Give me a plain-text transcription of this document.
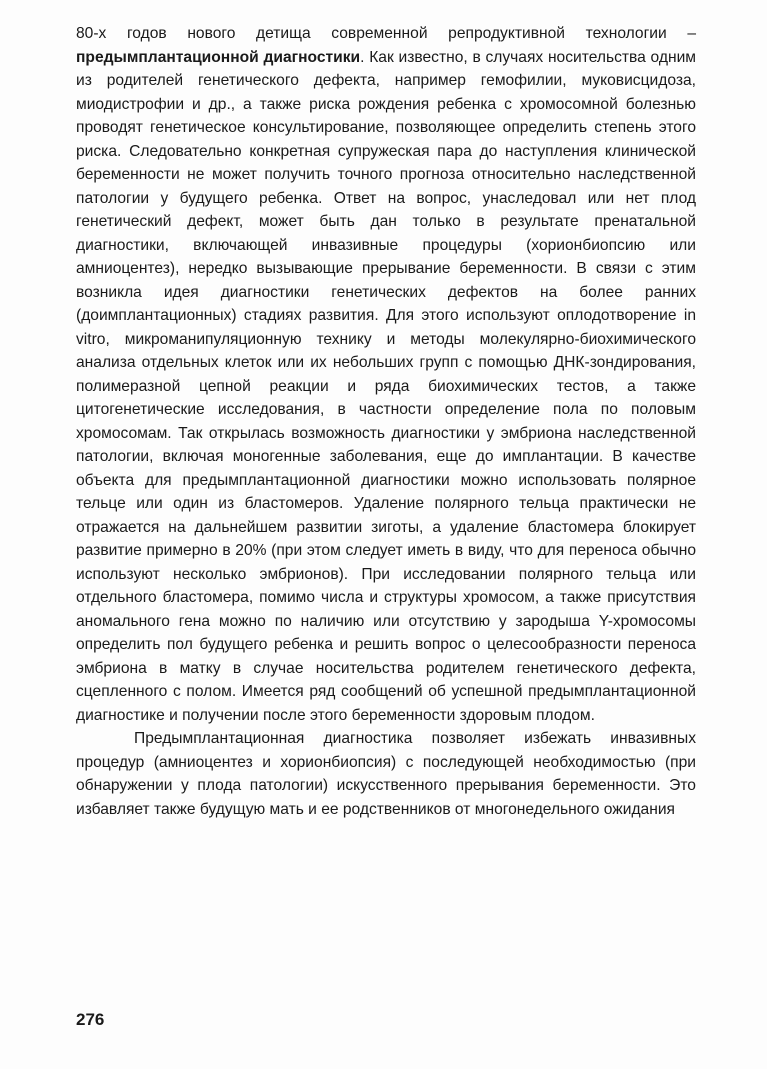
80-х годов нового детища современной репродуктивной технологии – предымплантационной диагностики. Как известно, в случаях носительства одним из родителей генетического дефекта, например гемофилии, муковисцидоза, миодистрофии и др., а также риска рождения ребенка с хромосомной болезнью проводят генетическое консультирование, позволяющее определить степень этого риска. Следовательно конкретная супружеская пара до наступления клинической беременности не может получить точного прогноза относительно наследственной патологии у будущего ребенка. Ответ на вопрос, унаследовал или нет плод генетический дефект, может быть дан только в результате пренатальной диагностики, включающей инвазивные процедуры (хорионбиопсию или амниоцентез), нередко вызывающие прерывание беременности. В связи с этим возникла идея диагностики генетических дефектов на более ранних (доимплантационных) стадиях развития. Для этого используют оплодотворение in vitro, микроманипуляционную технику и методы молекулярно-биохимического анализа отдельных клеток или их небольших групп с помощью ДНК-зондирования, полимеразной цепной реакции и ряда биохимических тестов, а также цитогенетические исследования, в частности определение пола по половым хромосомам. Так открылась возможность диагностики у эмбриона наследственной патологии, включая моногенные заболевания, еще до имплантации. В качестве объекта для предымплантационной диагностики можно использовать полярное тельце или один из бластомеров. Удаление полярного тельца практически не отражается на дальнейшем развитии зиготы, а удаление бластомера блокирует развитие примерно в 20% (при этом следует иметь в виду, что для переноса обычно используют несколько эмбрионов). При исследовании полярного тельца или отдельного бластомера, помимо числа и структуры хромосом, а также присутствия аномального гена можно по наличию или отсутствию у зародыша Y-хромосомы определить пол будущего ребенка и решить вопрос о целесообразности переноса эмбриона в матку в случае носительства родителем генетического дефекта, сцепленного с полом. Имеется ряд сообщений об успешной предымплантационной диагностике и получении после этого беременности здоровым плодом.

Предымплантационная диагностика позволяет избежать инвазивных процедур (амниоцентез и хорионбиопсия) с последующей необходимостью (при обнаружении у плода патологии) искусственного прерывания беременности. Это избавляет также будущую мать и ее родственников от многонедельного ожидания

276
